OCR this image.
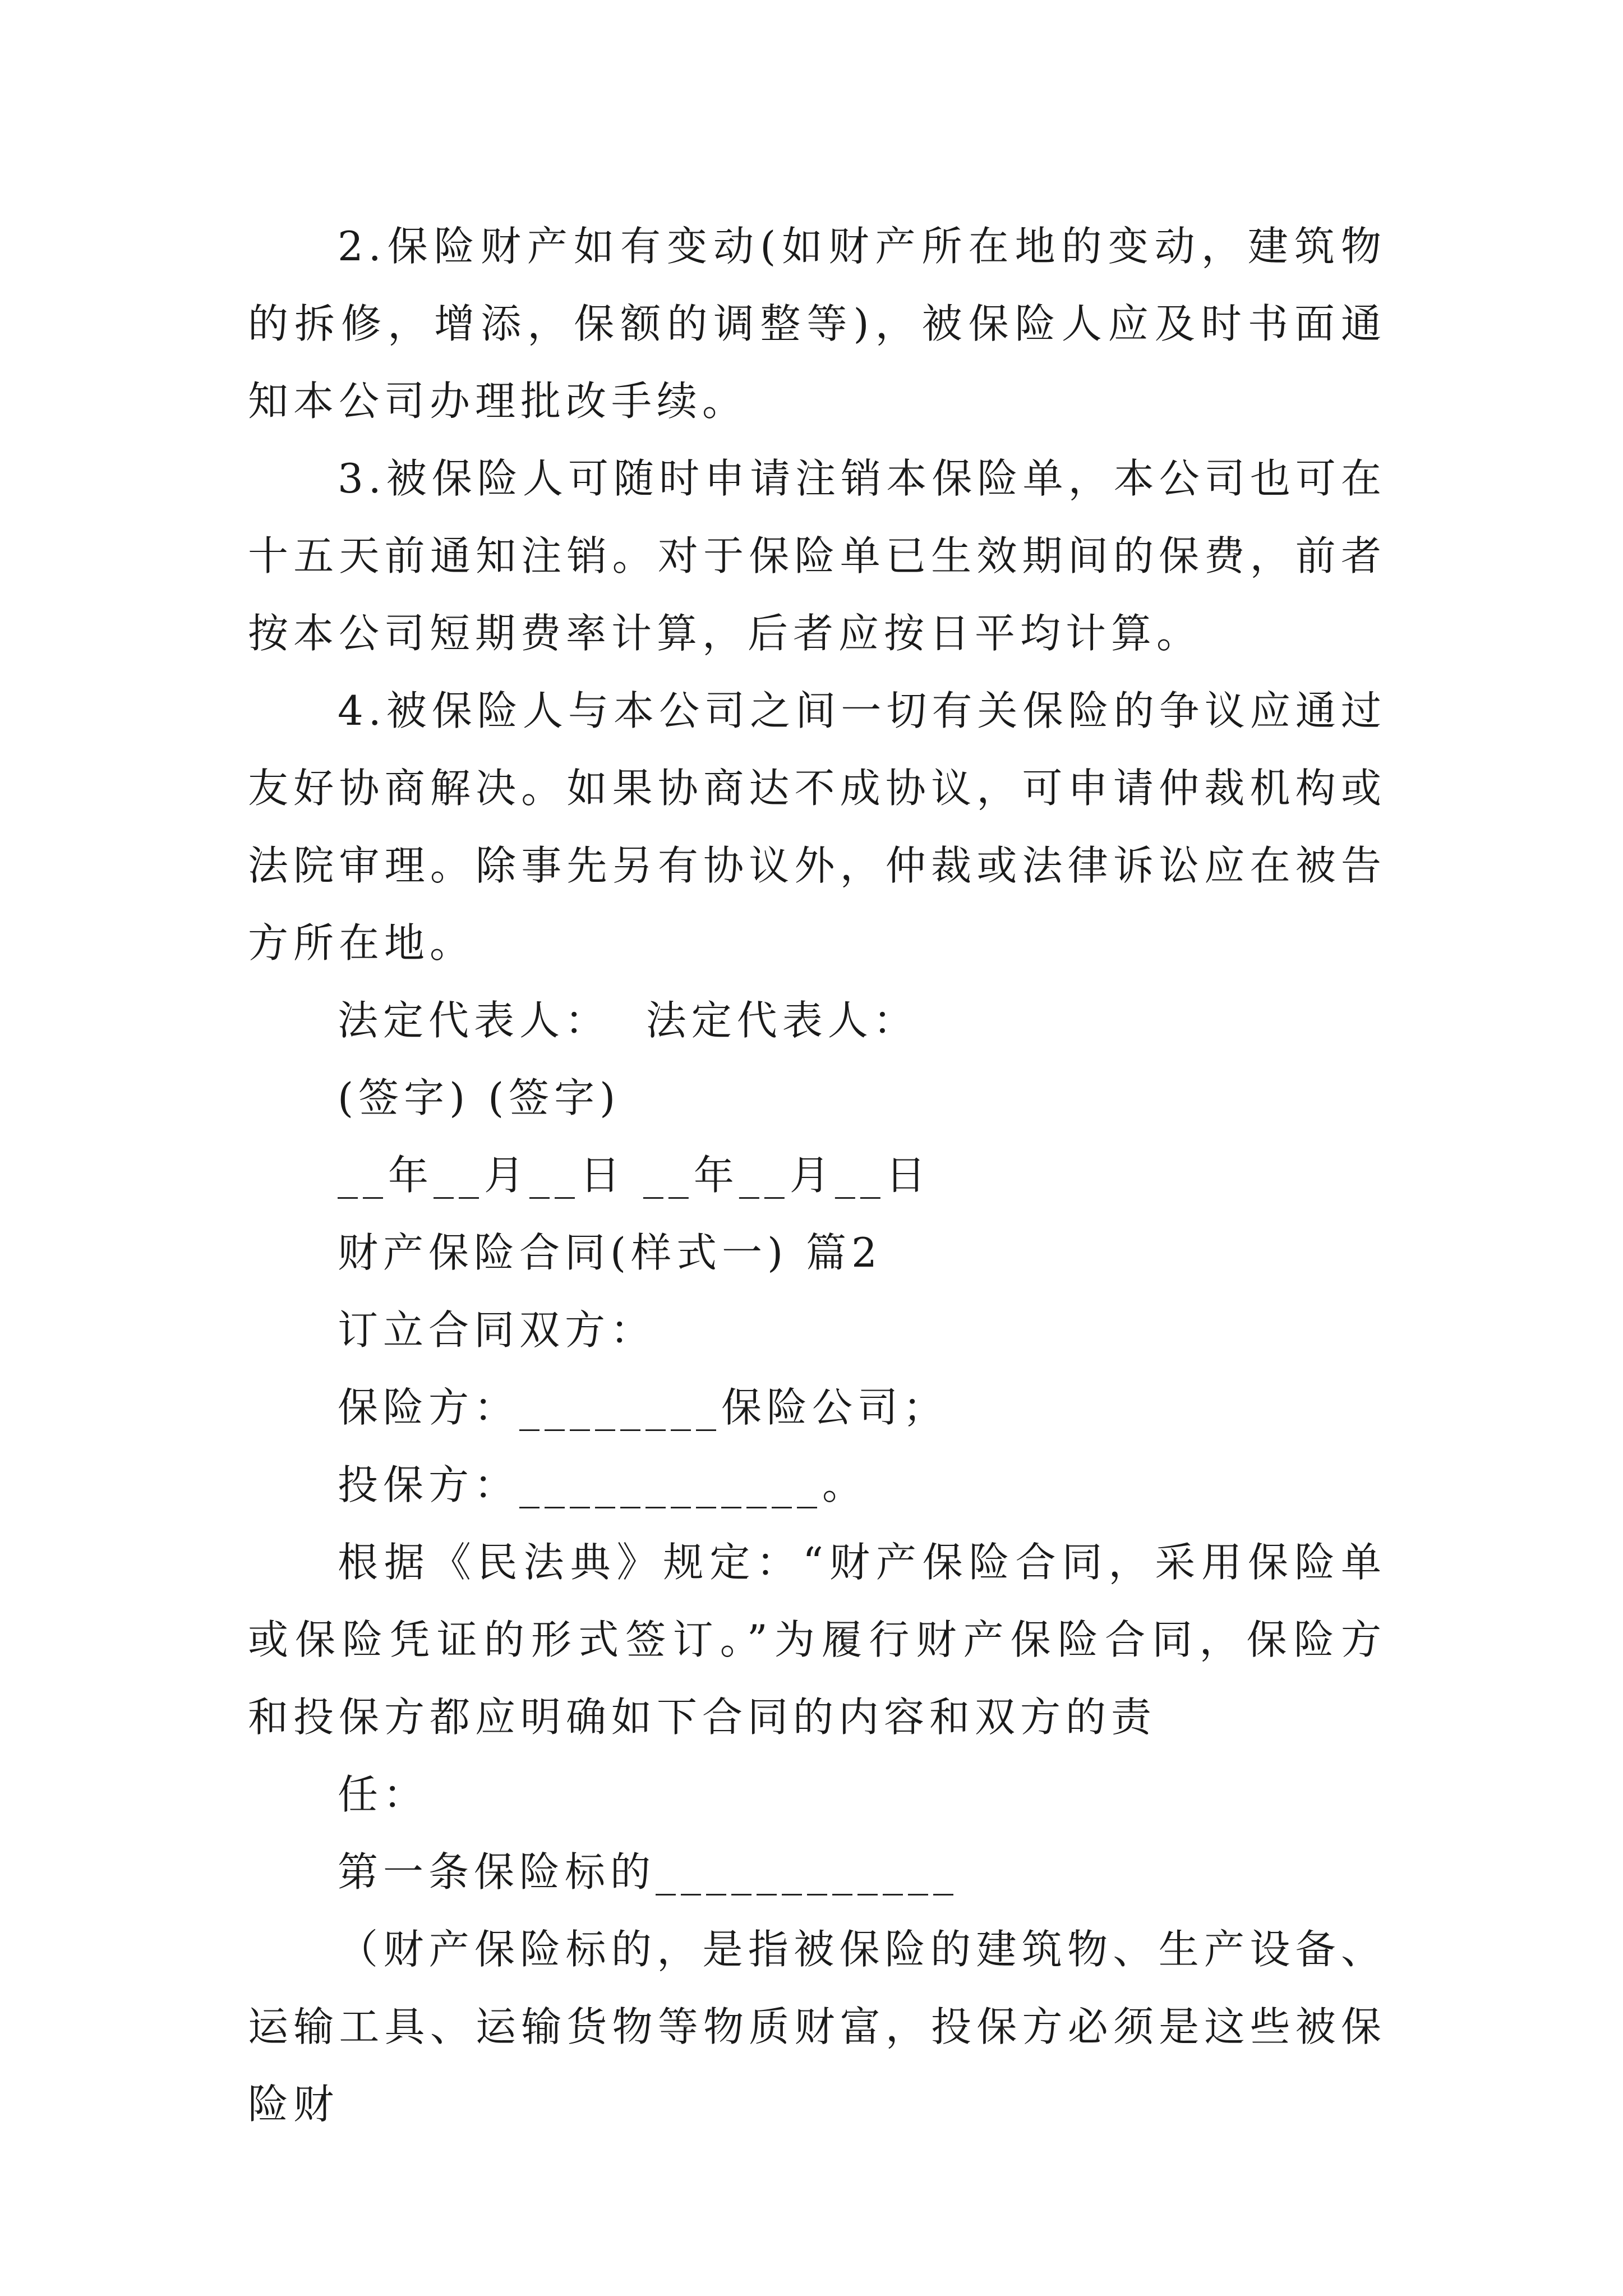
2.保险财产如有变动(如财产所在地的变动，建筑物的拆修，增添，保额的调整等)，被保险人应及时书面通知本公司办理批改手续。

3.被保险人可随时申请注销本保险单，本公司也可在十五天前通知注销。对于保险单已生效期间的保费，前者按本公司短期费率计算，后者应按日平均计算。

4.被保险人与本公司之间一切有关保险的争议应通过友好协商解决。如果协商达不成协议，可申请仲裁机构或法院审理。除事先另有协议外，仲裁或法律诉讼应在被告方所在地。

法定代表人：  法定代表人：

(签字) (签字)

__年__月__日 __年__月__日

财产保险合同(样式一) 篇2

订立合同双方：

保险方：________保险公司；

投保方：____________。

根据《民法典》规定：“财产保险合同，采用保险单或保险凭证的形式签订。”为履行财产保险合同，保险方和投保方都应明确如下合同的内容和双方的责

任：

第一条保险标的____________

（财产保险标的，是指被保险的建筑物、生产设备、运输工具、运输货物等物质财富，投保方必须是这些被保险财
